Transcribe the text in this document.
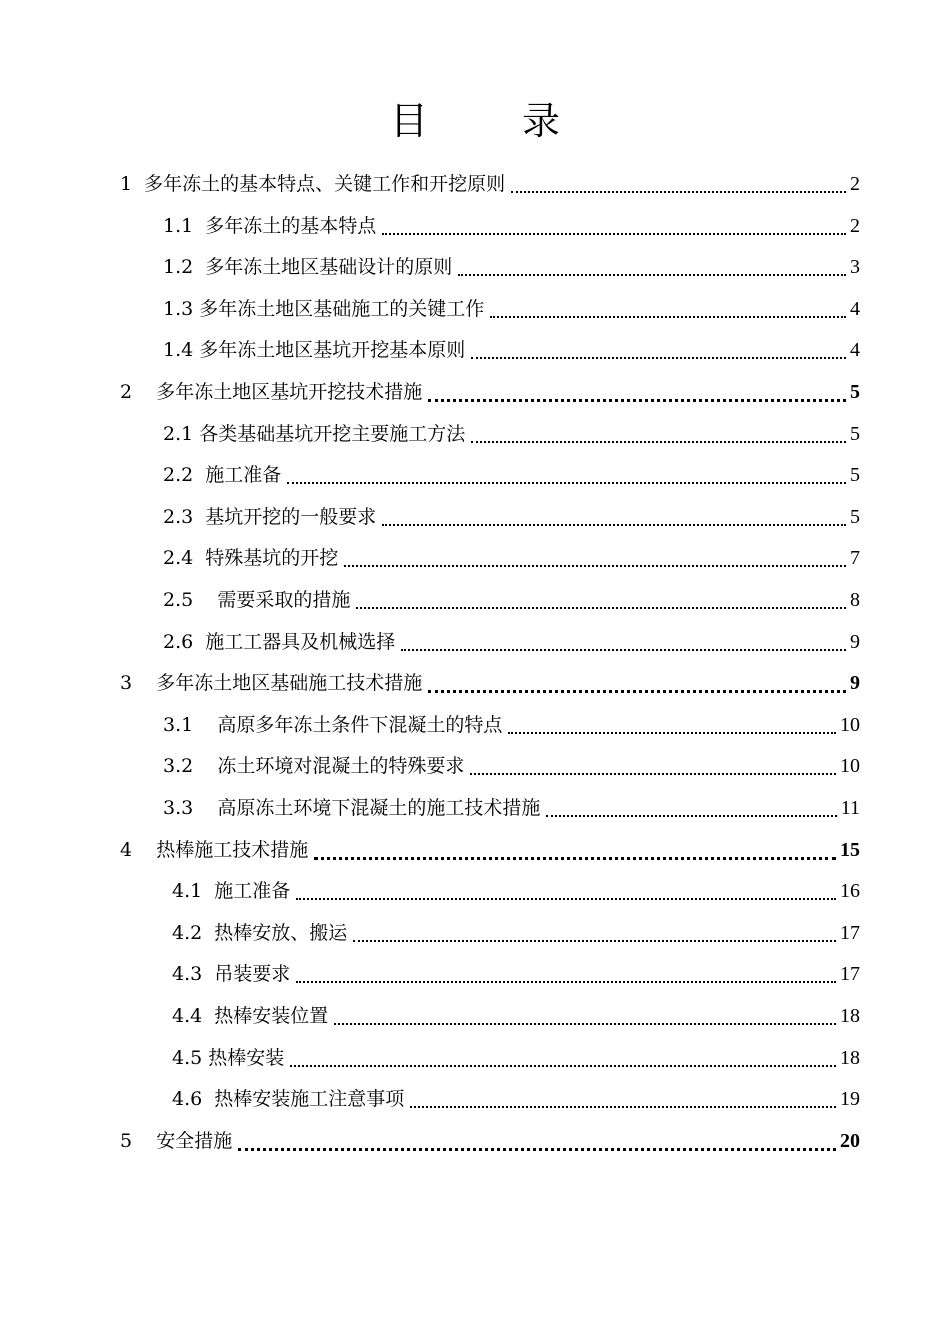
目　录
1  多年冻土的基本特点、关键工作和开挖原则	2
1.1  多年冻土的基本特点	2
1.2  多年冻土地区基础设计的原则	3
1.3 多年冻土地区基础施工的关键工作	4
1.4 多年冻土地区基坑开挖基本原则	4
2    多年冻土地区基坑开挖技术措施	5
2.1 各类基础基坑开挖主要施工方法	5
2.2  施工准备	5
2.3  基坑开挖的一般要求	5
2.4  特殊基坑的开挖	7
2.5    需要采取的措施	8
2.6  施工工器具及机械选择	9
3    多年冻土地区基础施工技术措施	9
3.1    高原多年冻土条件下混凝土的特点	10
3.2    冻土环境对混凝土的特殊要求	10
3.3    高原冻土环境下混凝土的施工技术措施	11
4    热棒施工技术措施	15
4.1  施工准备	16
4.2  热棒安放、搬运	17
4.3  吊装要求	17
4.4  热棒安装位置	18
4.5 热棒安装	18
4.6  热棒安装施工注意事项	19
5    安全措施	20
